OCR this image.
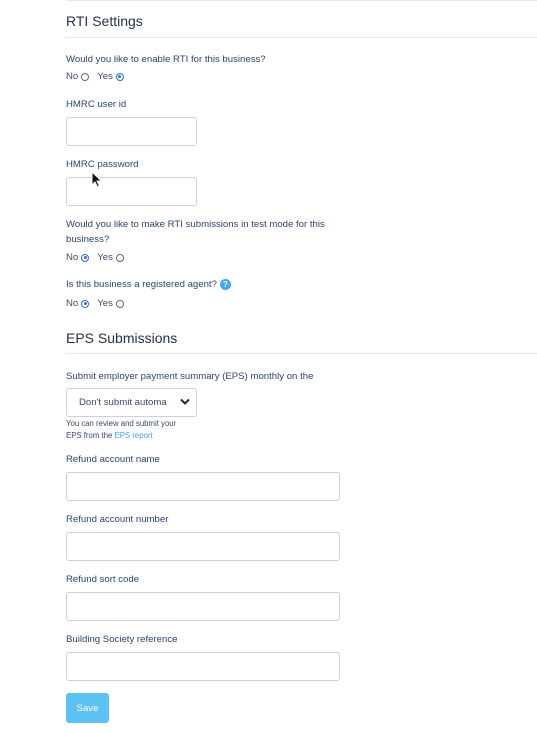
RTI Settings
Would you like to enable RTI for this business?
No Yes
HMRC user id
HMRC password
Would you like to make RTI submissions in test mode for this
business?
No Yes
Is this business a registered agent? ?
No Yes
EPS Submissions
Submit employer payment summary (EPS) monthly on the
Don't submit automa
You can review and submit your
EPS from the EPS report
Refund account name
Refund account number
Refund sort code
Building Society reference
Save
